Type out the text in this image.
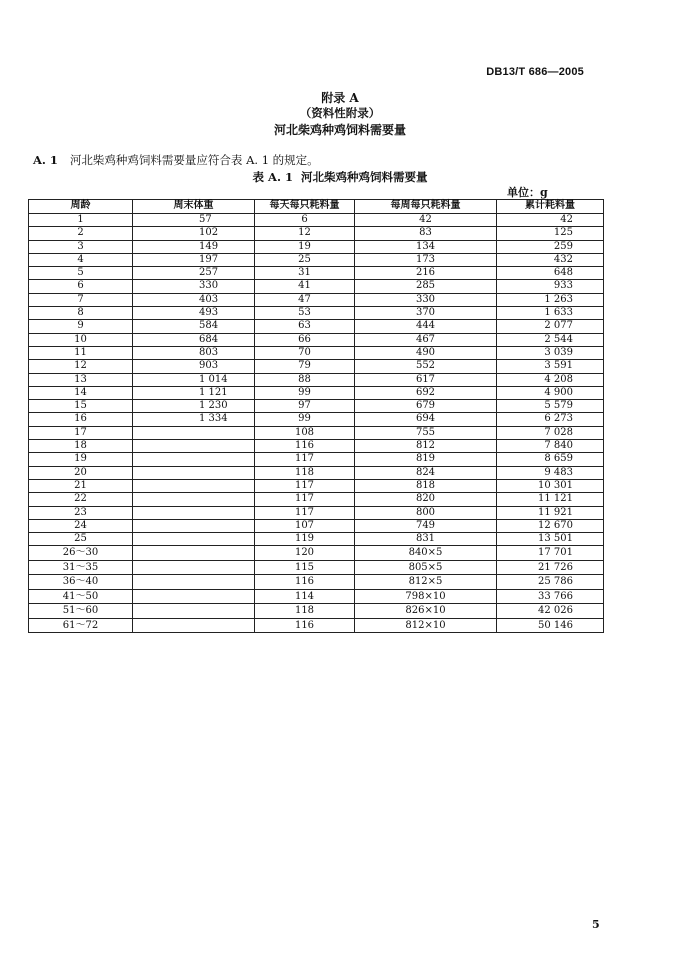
DB13/T 686—2005
附录 A
（资料性附录）
河北柴鸡种鸡饲料需要量
A. 1 河北柴鸡种鸡饲料需要量应符合表 A. 1 的规定。
表 A. 1 河北柴鸡种鸡饲料需要量
单位：g
周龄	周末体重	每天每只耗料量	每周每只耗料量	累计耗料量
1	57	6	42	42
2	102	12	83	125
3	149	19	134	259
4	197	25	173	432
5	257	31	216	648
6	330	41	285	933
7	403	47	330	1 263
8	493	53	370	1 633
9	584	63	444	2 077
10	684	66	467	2 544
11	803	70	490	3 039
12	903	79	552	3 591
13	1 014	88	617	4 208
14	1 121	99	692	4 900
15	1 230	97	679	5 579
16	1 334	99	694	6 273
17		108	755	7 028
18		116	812	7 840
19		117	819	8 659
20		118	824	9 483
21		117	818	10 301
22		117	820	11 121
23		117	800	11 921
24		107	749	12 670
25		119	831	13 501
26～30		120	840×5	17 701
31～35		115	805×5	21 726
36～40		116	812×5	25 786
41～50		114	798×10	33 766
51～60		118	826×10	42 026
61～72		116	812×10	50 146
5
